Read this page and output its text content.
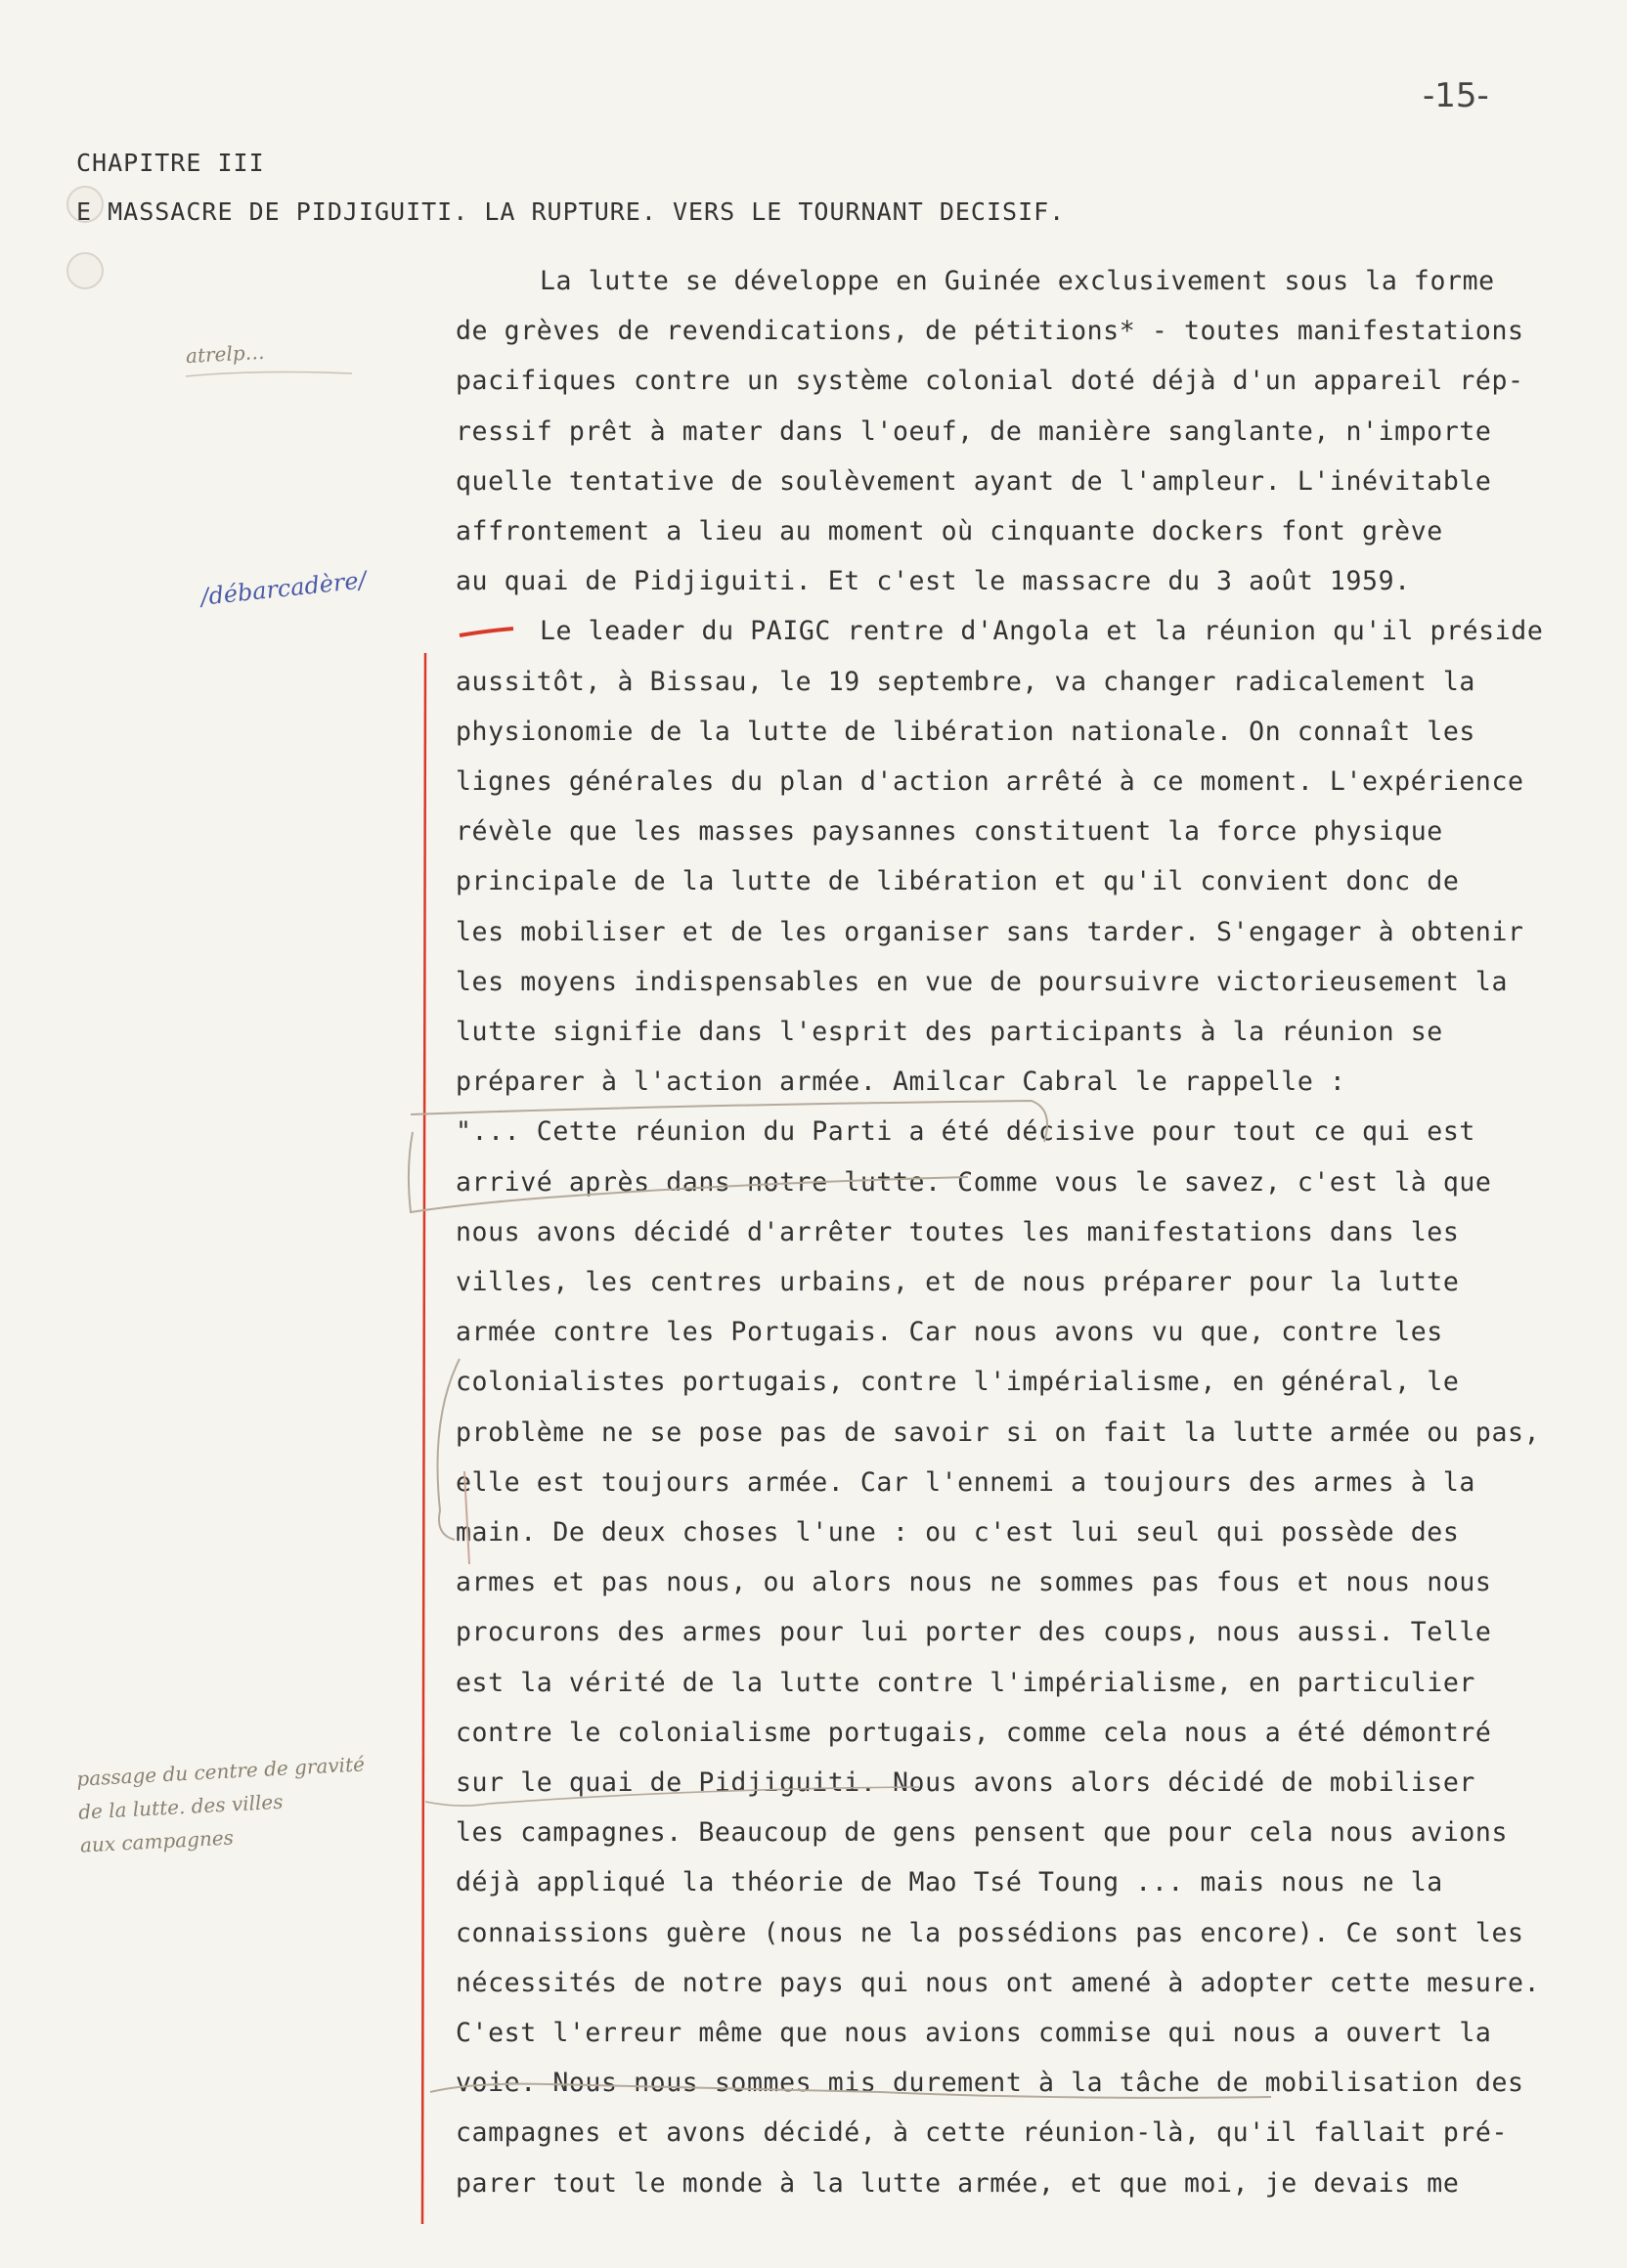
-15-
CHAPITRE III
E MASSACRE DE PIDJIGUITI. LA RUPTURE. VERS LE TOURNANT DECISIF.
atrelp…
/débarcadère/
passage du centre de gravité
de la lutte. des villes
aux campagnes
La lutte se développe en Guinée exclusivement sous la forme
de grèves de revendications, de pétitions* - toutes manifestations
pacifiques contre un système colonial doté déjà d'un appareil rép-
ressif prêt à mater dans l'oeuf, de manière sanglante, n'importe
quelle tentative de soulèvement ayant de l'ampleur. L'inévitable
affrontement a lieu au moment où cinquante dockers font grève
au quai de Pidjiguiti. Et c'est le massacre du 3 août 1959.
Le leader du PAIGC rentre d'Angola et la réunion qu'il préside
aussitôt, à Bissau, le 19 septembre, va changer radicalement la
physionomie de la lutte de libération nationale. On connaît les
lignes générales du plan d'action arrêté à ce moment. L'expérience
révèle que les masses paysannes constituent la force physique
principale de la lutte de libération et qu'il convient donc de
les mobiliser et de les organiser sans tarder. S'engager à obtenir
les moyens indispensables en vue de poursuivre victorieusement la
lutte signifie dans l'esprit des participants à la réunion se
préparer à l'action armée. Amilcar Cabral le rappelle :
"... Cette réunion du Parti a été décisive pour tout ce qui est
arrivé après dans notre lutte. Comme vous le savez, c'est là que
nous avons décidé d'arrêter toutes les manifestations dans les
villes, les centres urbains, et de nous préparer pour la lutte
armée contre les Portugais. Car nous avons vu que, contre les
colonialistes portugais, contre l'impérialisme, en général, le
problème ne se pose pas de savoir si on fait la lutte armée ou pas,
elle est toujours armée. Car l'ennemi a toujours des armes à la
main. De deux choses l'une : ou c'est lui seul qui possède des
armes et pas nous, ou alors nous ne sommes pas fous et nous nous
procurons des armes pour lui porter des coups, nous aussi. Telle
est la vérité de la lutte contre l'impérialisme, en particulier
contre le colonialisme portugais, comme cela nous a été démontré
sur le quai de Pidjiguiti. Nous avons alors décidé de mobiliser
les campagnes. Beaucoup de gens pensent que pour cela nous avions
déjà appliqué la théorie de Mao Tsé Toung ... mais nous ne la
connaissions guère (nous ne la possédions pas encore). Ce sont les
nécessités de notre pays qui nous ont amené à adopter cette mesure.
C'est l'erreur même que nous avions commise qui nous a ouvert la
voie. Nous nous sommes mis durement à la tâche de mobilisation des
campagnes et avons décidé, à cette réunion-là, qu'il fallait pré-
parer tout le monde à la lutte armée, et que moi, je devais me
